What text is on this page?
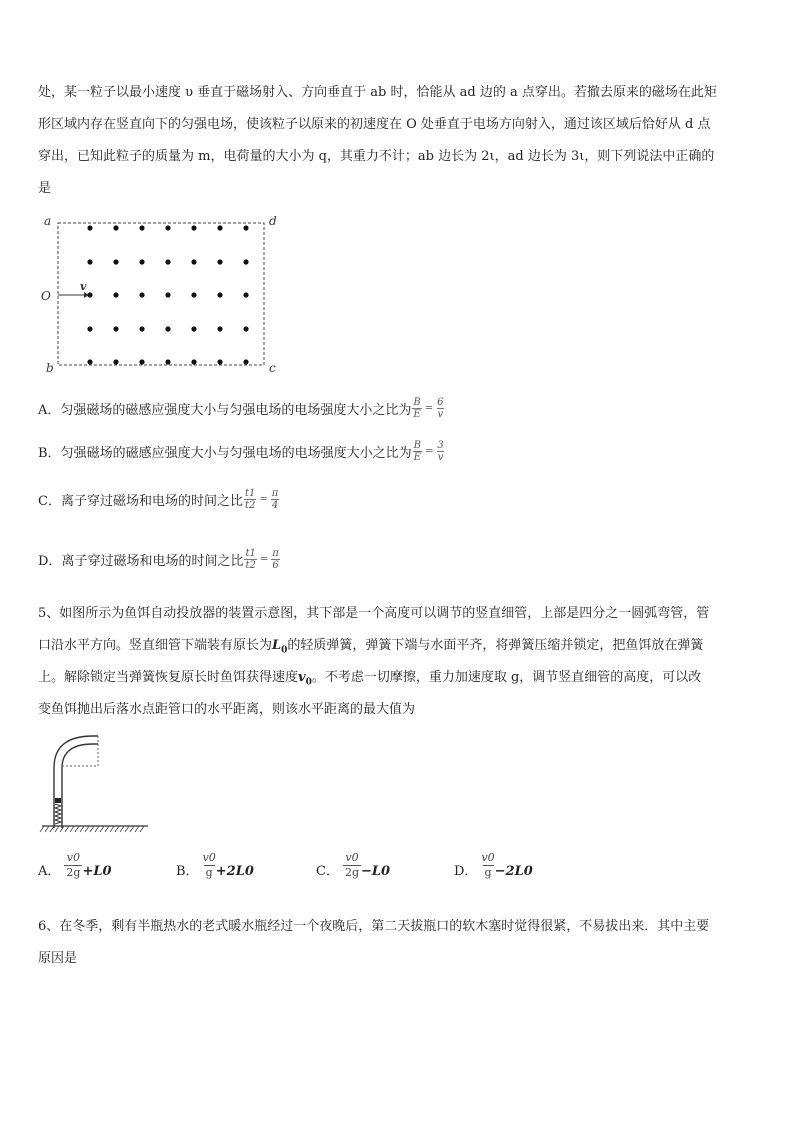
处，某一粒子以最小速度 υ 垂直于磁场射入、方向垂直于 ab 时，恰能从 ad 边的 a 点穿出。若撤去原来的磁场在此矩
形区域内存在竖直向下的匀强电场，使该粒子以原来的初速度在 O 处垂直于电场方向射入，通过该区域后恰好从 d 点
穿出，已知此粒子的质量为 m，电荷量的大小为 q，其重力不计；ab 边长为 2ι，ad 边长为 3ι，则下列说法中正确的
是
a	d
b	c
O
v
A． 匀强磁场的磁感应强度大小与匀强电场的电场强度大小之比为 $\frac{B}{E} = \frac{6}{v}$
B． 匀强磁场的磁感应强度大小与匀强电场的电场强度大小之比为 $\frac{B}{E} = \frac{3}{v}$
C． 离子穿过磁场和电场的时间之比 $\frac{t1}{t2} = \frac{\pi}{4}$
D． 离子穿过磁场和电场的时间之比 $\frac{t1}{t2} = \frac{\pi}{6}$
5、如图所示为鱼饵自动投放器的装置示意图，其下部是一个高度可以调节的竖直细管，上部是四分之一圆弧弯管，管
口沿水平方向。竖直细管下端装有原长为$L_0$的轻质弹簧，弹簧下端与水面平齐，将弹簧压缩并锁定，把鱼饵放在弹簧
上。解除锁定当弹簧恢复原长时鱼饵获得速度$v_0$。不考虑一切摩擦，重力加速度取 g，调节竖直细管的高度，可以改
变鱼饵抛出后落水点距管口的水平距离，则该水平距离的最大值为
A． $\frac{v0}{2g} +L0$	B． $\frac{v0}{g} +2L0$	C． $\frac{v0}{2g} -L0$	D． $\frac{v0}{g} -2L0$
6、在冬季，剩有半瓶热水的老式暖水瓶经过一个夜晚后，第二天拔瓶口的软木塞时觉得很紧，不易拔出来．其中主要
原因是
